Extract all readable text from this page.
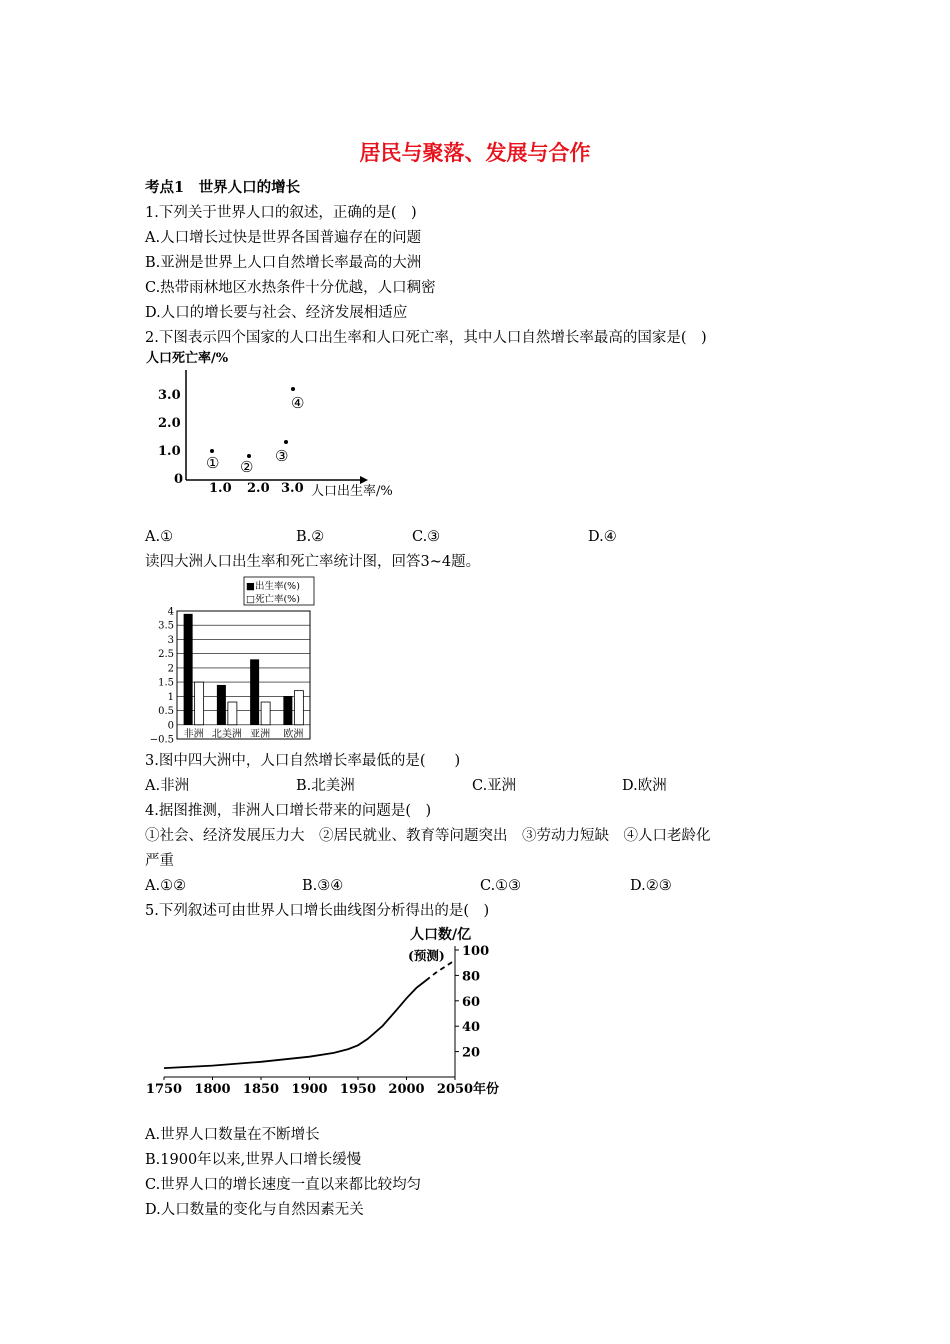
居民与聚落、发展与合作
考点1　世界人口的增长
1.下列关于世界人口的叙述，正确的是(　)
A.人口增长过快是世界各国普遍存在的问题
B.亚洲是世界上人口自然增长率最高的大洲
C.热带雨林地区水热条件十分优越，人口稠密
D.人口的增长要与社会、经济发展相适应
2.下图表示四个国家的人口出生率和人口死亡率，其中人口自然增长率最高的国家是(　)
人口死亡率/%
3.0
2.0
1.0
0
1.0 2.0 3.0 人口出生率/%
① ②
③
④
A.①	B.②	C.③	D.④
读四大洲人口出生率和死亡率统计图，回答3~4题。
■出生率(%)
□死亡率(%)
4
3.5
3
2.5
2
1.5
1
0.5
0
−0.5 非洲 北美洲 亚洲 欧洲
3.图中四大洲中，人口自然增长率最低的是(　　)
A.非洲	B.北美洲	C.亚洲	D.欧洲
4.据图推测，非洲人口增长带来的问题是(　)
①社会、经济发展压力大　②居民就业、教育等问题突出　③劳动力短缺　④人口老龄化
严重
A.①②	B.③④	C.①③	D.②③
5.下列叙述可由世界人口增长曲线图分析得出的是(　)
人口数/亿
(预测)
1750 1800 1850 1900 1950 2000 2050
100
80
60
40
20
年份
A.世界人口数量在不断增长
B.1900年以来,世界人口增长缓慢
C.世界人口的增长速度一直以来都比较均匀
D.人口数量的变化与自然因素无关
